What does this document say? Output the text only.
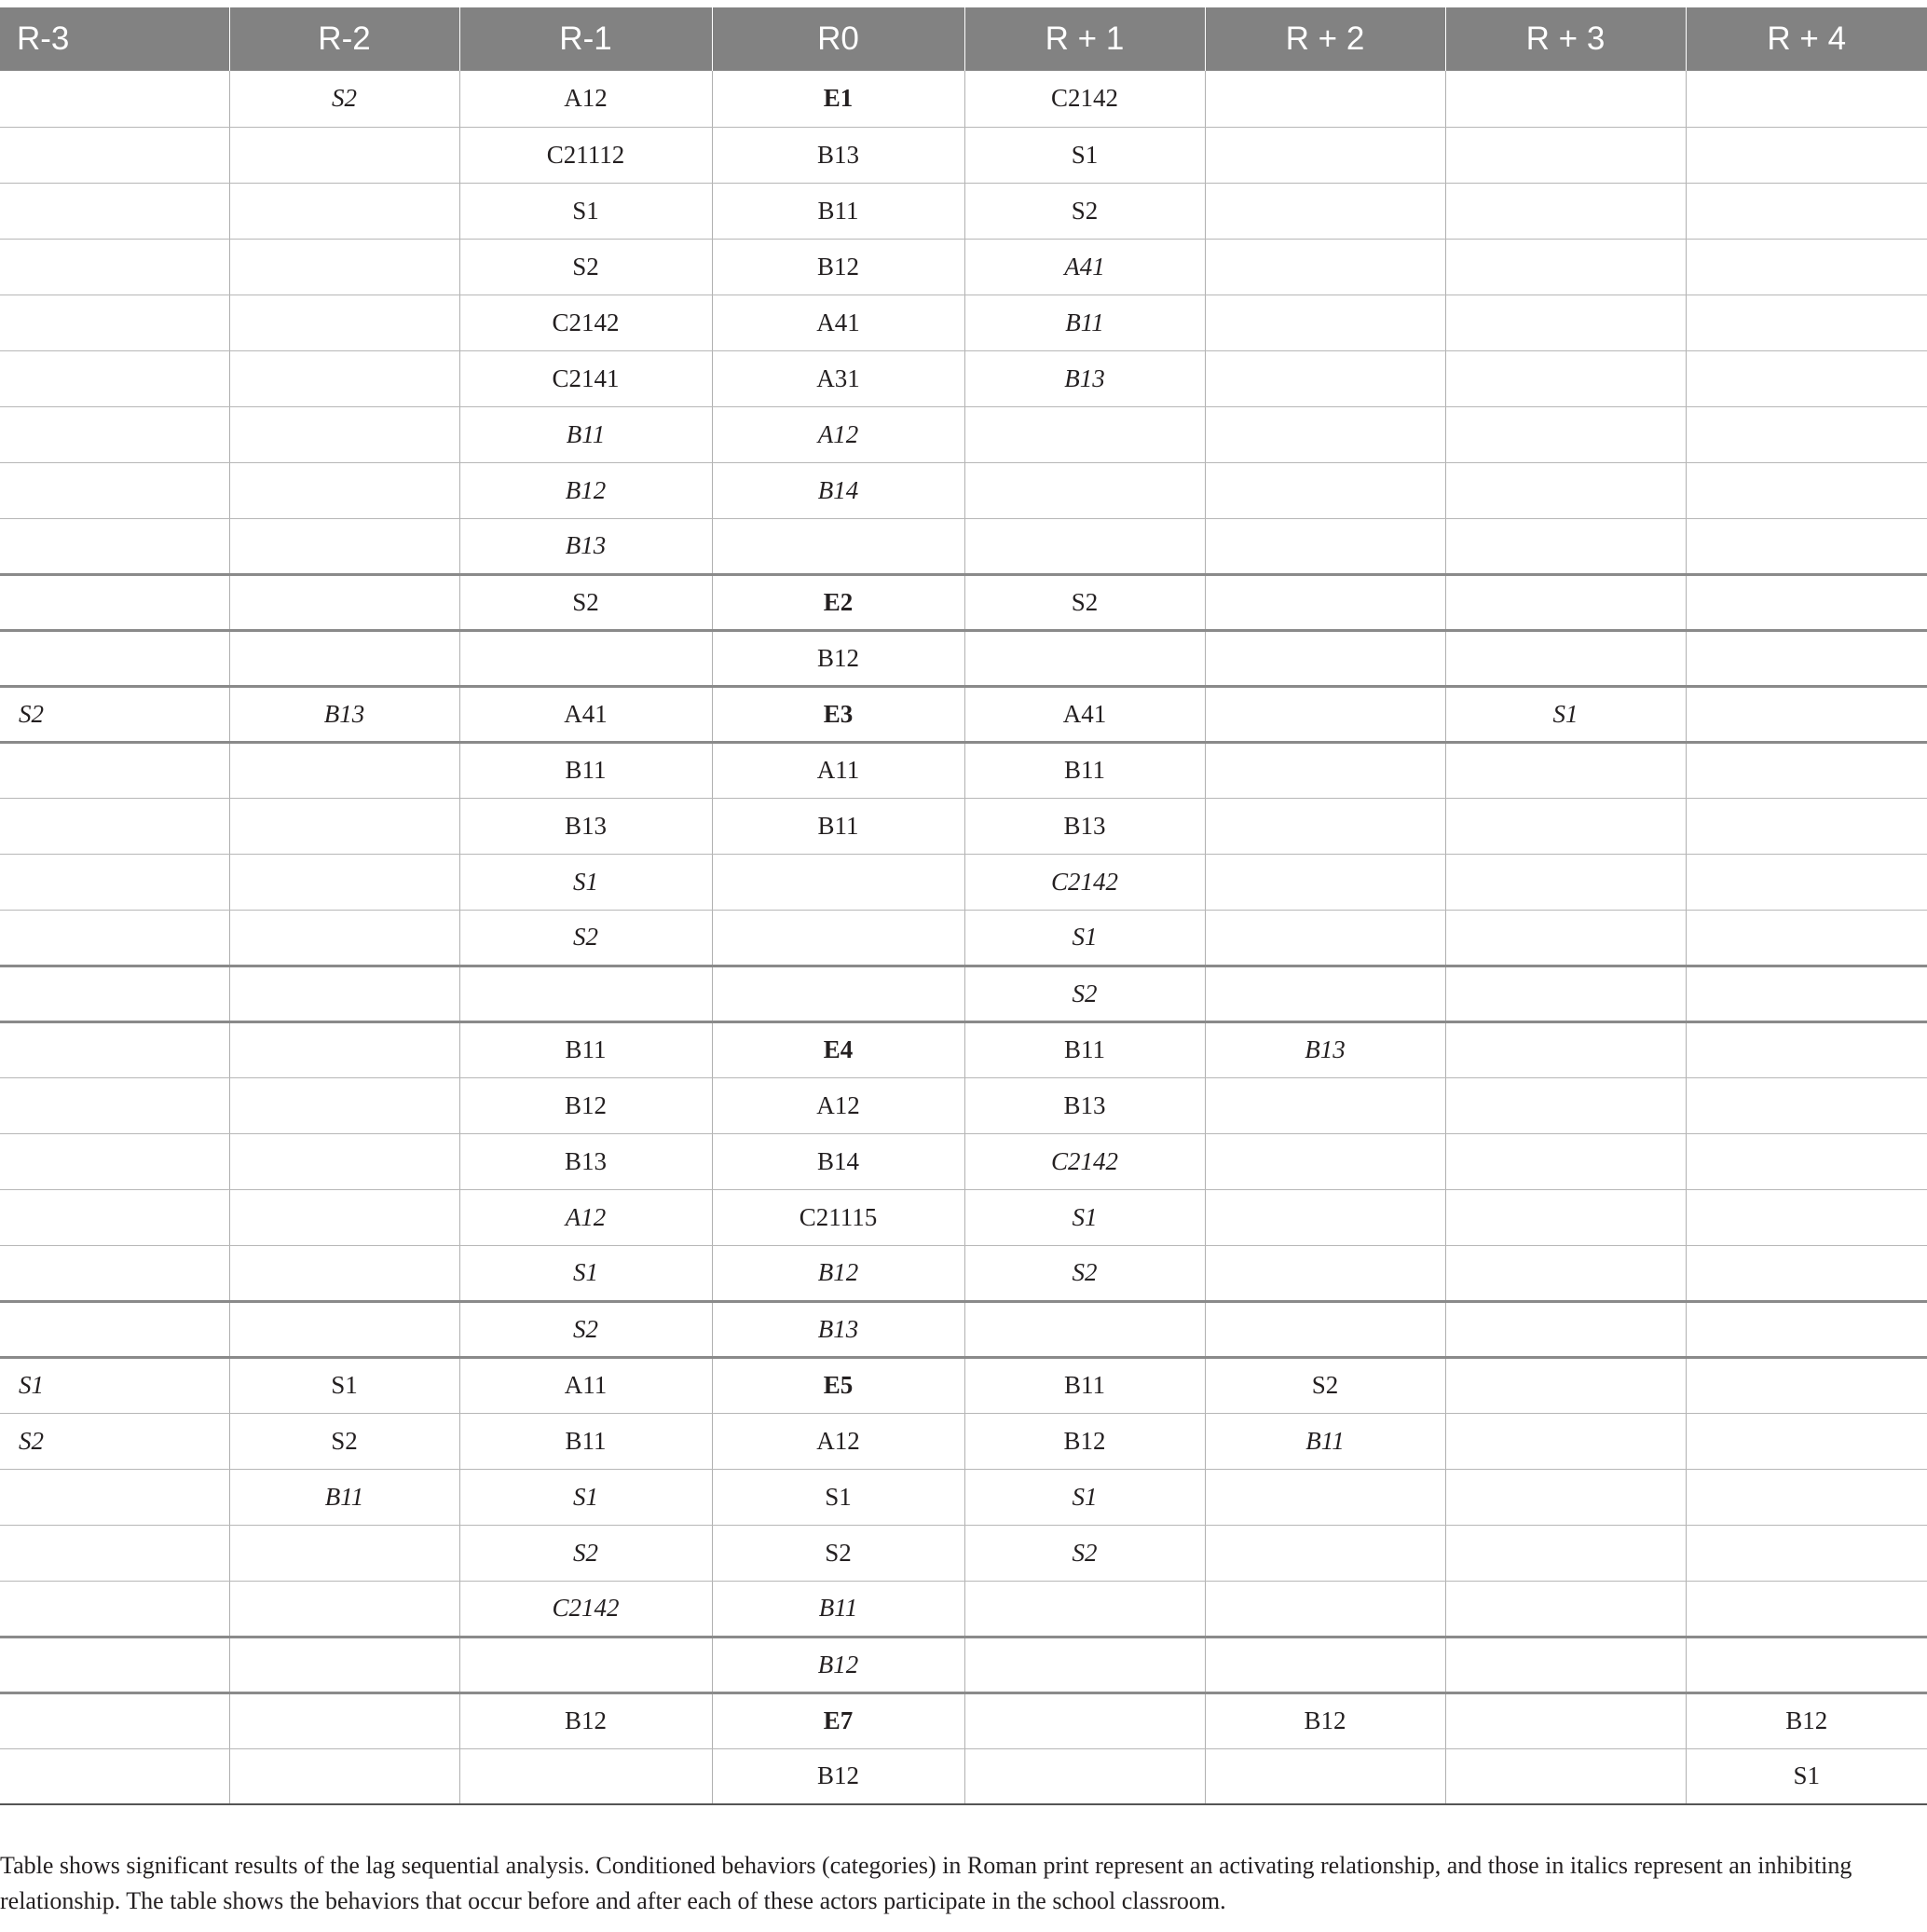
R-3	R-2	R-1	R0	R + 1	R + 2	R + 3	R + 4
	S2	A12	E1	C2142			
		C21112	B13	S1			
		S1	B11	S2			
		S2	B12	A41			
		C2142	A41	B11			
		C2141	A31	B13			
		B11	A12				
		B12	B14				
		B13					
		S2	E2	S2			
			B12				
S2	B13	A41	E3	A41		S1	
		B11	A11	B11			
		B13	B11	B13			
		S1		C2142			
		S2		S1			
				S2			
		B11	E4	B11	B13		
		B12	A12	B13			
		B13	B14	C2142			
		A12	C21115	S1			
		S1	B12	S2			
		S2	B13				
S1	S1	A11	E5	B11	S2		
S2	S2	B11	A12	B12	B11		
	B11	S1	S1	S1			
		S2	S2	S2			
		C2142	B11				
			B12				
		B12	E7		B12		B12
			B12				S1
Table shows significant results of the lag sequential analysis. Conditioned behaviors (categories) in Roman print represent an activating relationship, and those in italics represent an inhibiting relationship. The table shows the behaviors that occur before and after each of these actors participate in the school classroom.
